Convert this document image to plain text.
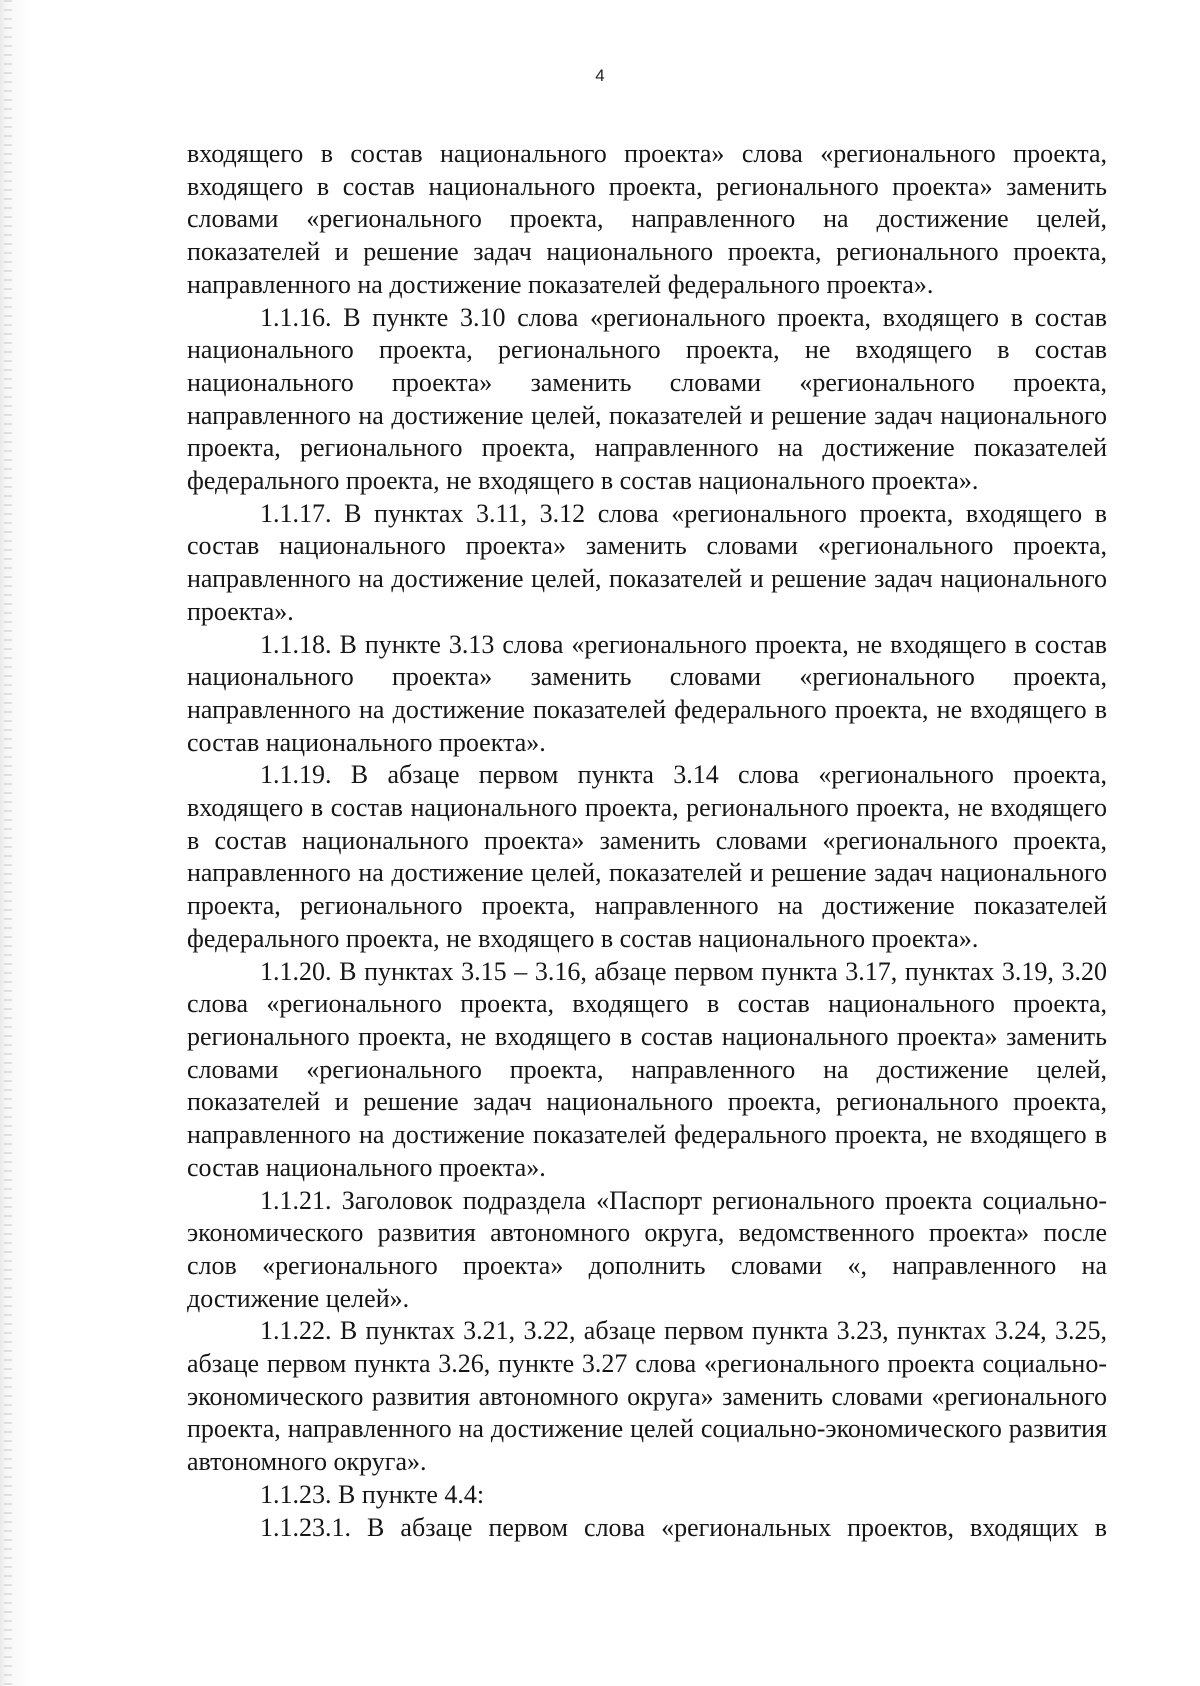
4

входящего в состав национального проекта» слова «регионального проекта, входящего в состав национального проекта, регионального проекта» заменить словами «регионального проекта, направленного на достижение целей, показателей и решение задач национального проекта, регионального проекта, направленного на достижение показателей федерального проекта».

1.1.16. В пункте 3.10 слова «регионального проекта, входящего в состав национального проекта, регионального проекта, не входящего в состав национального проекта» заменить словами «регионального проекта, направленного на достижение целей, показателей и решение задач национального проекта, регионального проекта, направленного на достижение показателей федерального проекта, не входящего в состав национального проекта».

1.1.17. В пунктах 3.11, 3.12 слова «регионального проекта, входящего в состав национального проекта» заменить словами «регионального проекта, направленного на достижение целей, показателей и решение задач национального проекта».

1.1.18. В пункте 3.13 слова «регионального проекта, не входящего в состав национального проекта» заменить словами «регионального проекта, направленного на достижение показателей федерального проекта, не входящего в состав национального проекта».

1.1.19. В абзаце первом пункта 3.14 слова «регионального проекта, входящего в состав национального проекта, регионального проекта, не входящего в состав национального проекта» заменить словами «регионального проекта, направленного на достижение целей, показателей и решение задач национального проекта, регионального проекта, направленного на достижение показателей федерального проекта, не входящего в состав национального проекта».

1.1.20. В пунктах 3.15 – 3.16, абзаце первом пункта 3.17, пунктах 3.19, 3.20 слова «регионального проекта, входящего в состав национального проекта, регионального проекта, не входящего в состав национального проекта» заменить словами «регионального проекта, направленного на достижение целей, показателей и решение задач национального проекта, регионального проекта, направленного на достижение показателей федерального проекта, не входящего в состав национального проекта».

1.1.21. Заголовок подраздела «Паспорт регионального проекта социально-экономического развития автономного округа, ведомственного проекта» после слов «регионального проекта» дополнить словами «, направленного на достижение целей».

1.1.22. В пунктах 3.21, 3.22, абзаце первом пункта 3.23, пунктах 3.24, 3.25, абзаце первом пункта 3.26, пункте 3.27 слова «регионального проекта социально-экономического развития автономного округа» заменить словами «регионального проекта, направленного на достижение целей социально-экономического развития автономного округа».

1.1.23. В пункте 4.4:

1.1.23.1. В абзаце первом слова «региональных проектов, входящих в
